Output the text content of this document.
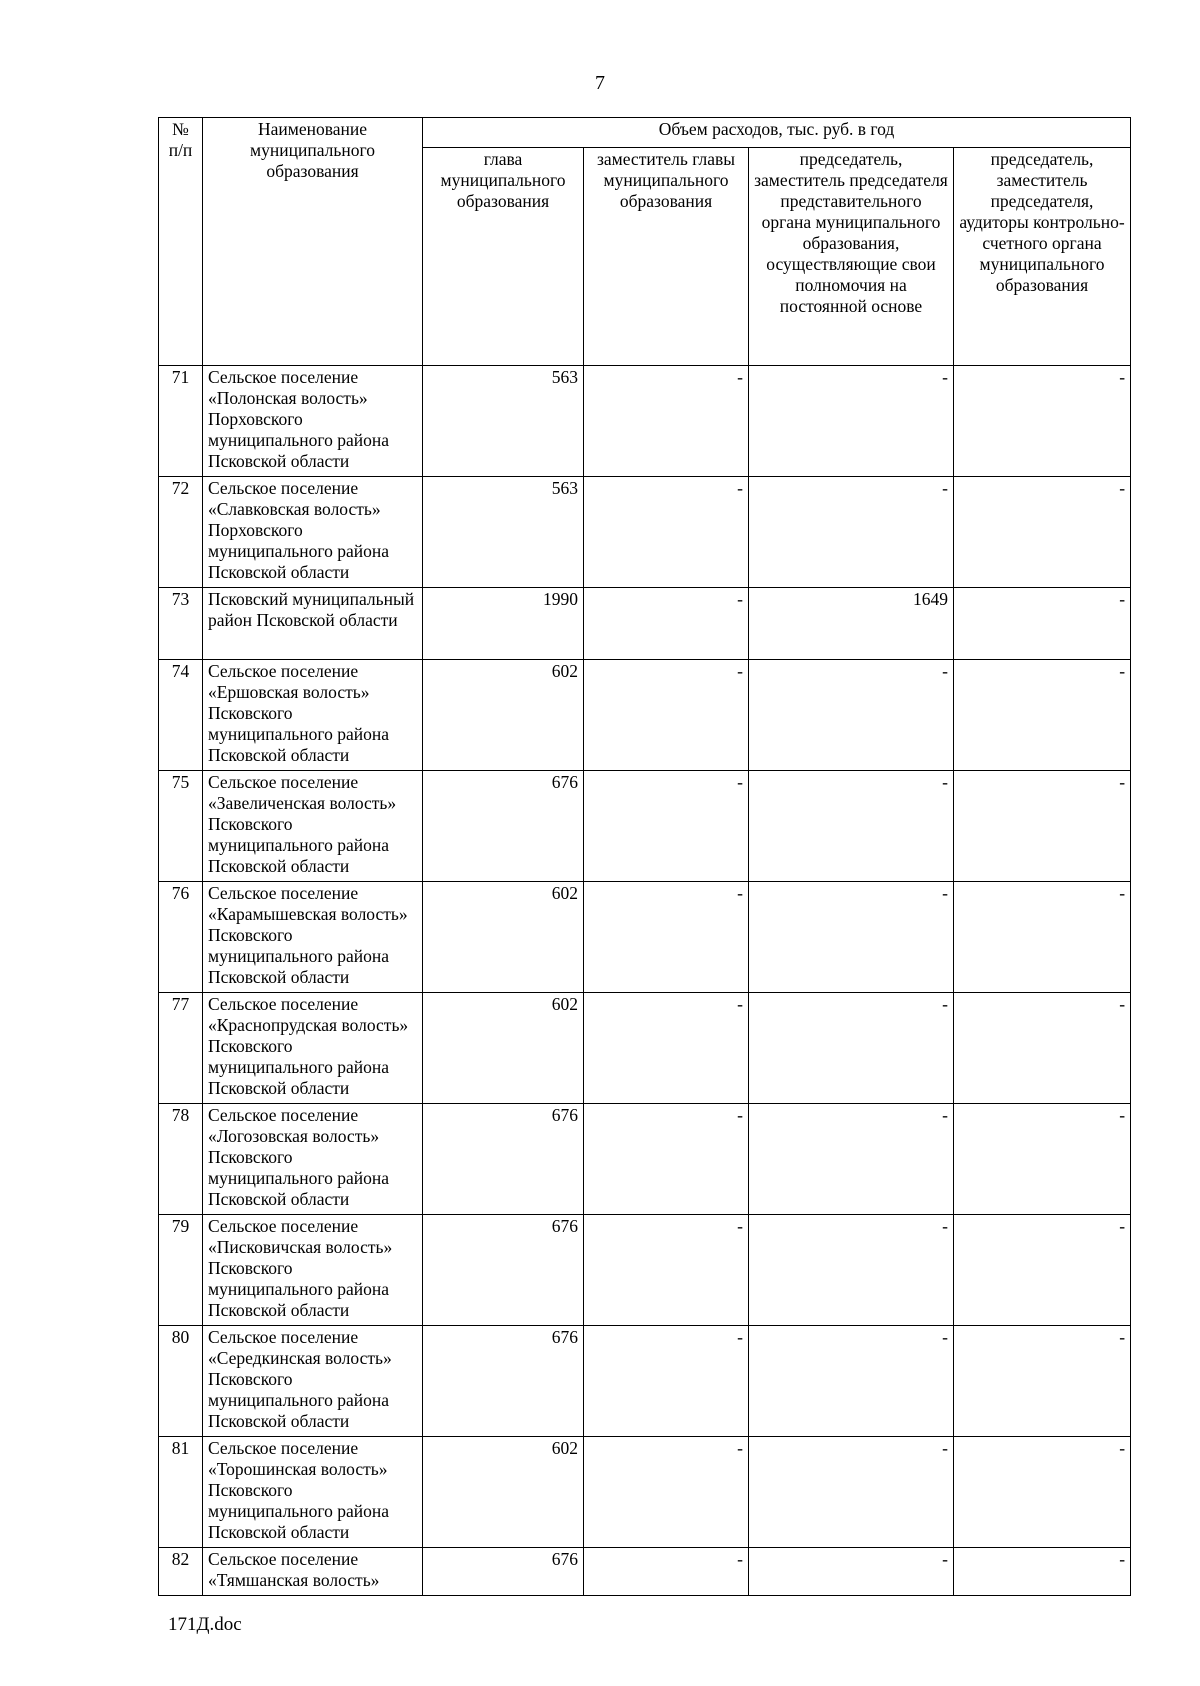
7
№
п/п	Наименование муниципального образования	Объем расходов, тыс. руб. в год			
		глава муниципального образования	заместитель главы муниципального образования	председатель, заместитель председателя представительного органа муниципального образования, осуществляющие свои полномочия на постоянной основе	председатель, заместитель председателя, аудиторы контрольно-счетного органа муниципального образования
71	Сельское поселение «Полонская волость» Порховского муниципального района Псковской области	563	-	-	-
72	Сельское поселение «Славковская волость» Порховского муниципального района Псковской области	563	-	-	-
73	Псковский муниципальный район Псковской области	1990	-	1649	-
74	Сельское поселение «Ершовская волость» Псковского муниципального района Псковской области	602	-	-	-
75	Сельское поселение «Завеличенская волость» Псковского муниципального района Псковской области	676	-	-	-
76	Сельское поселение «Карамышевская волость» Псковского муниципального района Псковской области	602	-	-	-
77	Сельское поселение «Краснопрудская волость» Псковского муниципального района Псковской области	602	-	-	-
78	Сельское поселение «Логозовская волость» Псковского муниципального района Псковской области	676	-	-	-
79	Сельское поселение «Писковичская волость» Псковского муниципального района Псковской области	676	-	-	-
80	Сельское поселение «Середкинская волость» Псковского муниципального района Псковской области	676	-	-	-
81	Сельское поселение «Торошинская волость» Псковского муниципального района Псковской области	602	-	-	-
82	Сельское поселение «Тямшанская волость»	676	-	-	-
171Д.doc
